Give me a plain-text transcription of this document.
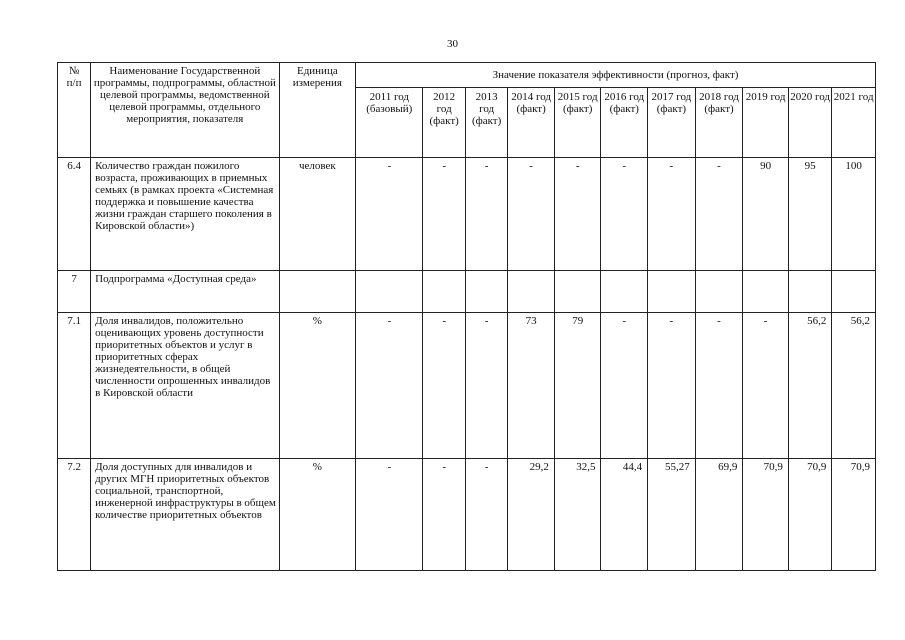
30
№
п/п	Наименование Государственной программы, подпрограммы, областной целевой программы, ведомственной целевой программы, отдельного мероприятия, показателя	Единица измерения	Значение показателя эффективности (прогноз, факт)										
			2011 год (базовый)	2012 год (факт)	2013 год (факт)	2014 год (факт)	2015 год (факт)	2016 год (факт)	2017 год (факт)	2018 год (факт)	2019 год	2020 год	2021 год
6.4	Количество граждан пожилого возраста, проживающих в приемных семьях (в рамках проекта «Системная поддержка и повышение качества жизни граждан старшего поколения в Кировской области»)	человек	-	-	-	-	-	-	-	-	90	95	100
7	Подпрограмма «Доступная среда»												
7.1	Доля инвалидов, положительно оценивающих уровень доступности приоритетных объектов и услуг в приоритетных сферах жизнедеятельности, в общей численности опрошенных инвалидов в Кировской области	%	-	-	-	73	79	-	-	-	-	56,2	56,2
7.2	Доля доступных для инвалидов и других МГН приоритетных объектов социальной, транспортной, инженерной инфраструктуры в общем количестве приоритетных объектов	%	-	-	-	29,2	32,5	44,4	55,27	69,9	70,9	70,9	70,9
